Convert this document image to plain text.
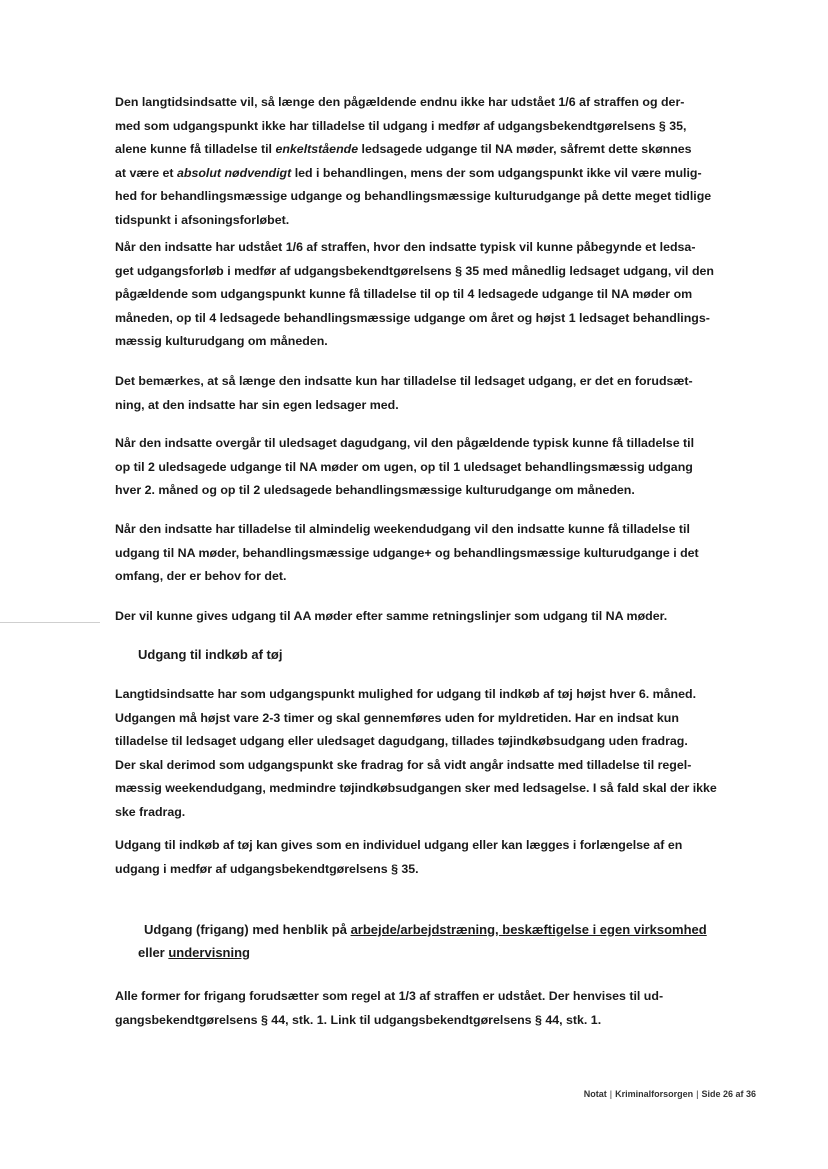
Den langtidsindsatte vil, så længe den pågældende endnu ikke har udstået 1/6 af straffen og der-
med som udgangspunkt ikke har tilladelse til udgang i medfør af udgangsbekendtgørelsens § 35,
alene kunne få tilladelse til enkeltstående ledsagede udgange til NA møder, såfremt dette skønnes
at være et absolut nødvendigt led i behandlingen, mens der som udgangspunkt ikke vil være mulig-
hed for behandlingsmæssige udgange og behandlingsmæssige kulturudgange på dette meget tidlige
tidspunkt i afsoningsforløbet.

Når den indsatte har udstået 1/6 af straffen, hvor den indsatte typisk vil kunne påbegynde et ledsa-
get udgangsforløb i medfør af udgangsbekendtgørelsens § 35 med månedlig ledsaget udgang, vil den
pågældende som udgangspunkt kunne få tilladelse til op til 4 ledsagede udgange til NA møder om
måneden, op til 4 ledsagede behandlingsmæssige udgange om året og højst 1 ledsaget behandlings-
mæssig kulturudgang om måneden.

Det bemærkes, at så længe den indsatte kun har tilladelse til ledsaget udgang, er det en forudsæt-
ning, at den indsatte har sin egen ledsager med.

Når den indsatte overgår til uledsaget dagudgang, vil den pågældende typisk kunne få tilladelse til
op til 2 uledsagede udgange til NA møder om ugen, op til 1 uledsaget behandlingsmæssig udgang
hver 2. måned og op til 2 uledsagede behandlingsmæssige kulturudgange om måneden.

Når den indsatte har tilladelse til almindelig weekendudgang vil den indsatte kunne få tilladelse til
udgang til NA møder, behandlingsmæssige udgange+ og behandlingsmæssige kulturudgange i det
omfang, der er behov for det.

Der vil kunne gives udgang til AA møder efter samme retningslinjer som udgang til NA møder.

Udgang til indkøb af tøj

Langtidsindsatte har som udgangspunkt mulighed for udgang til indkøb af tøj højst hver 6. måned.
Udgangen må højst vare 2-3 timer og skal gennemføres uden for myldretiden. Har en indsat kun
tilladelse til ledsaget udgang eller uledsaget dagudgang, tillades tøjindkøbsudgang uden fradrag.
Der skal derimod som udgangspunkt ske fradrag for så vidt angår indsatte med tilladelse til regel-
mæssig weekendudgang, medmindre tøjindkøbsudgangen sker med ledsagelse. I så fald skal der ikke
ske fradrag.

Udgang til indkøb af tøj kan gives som en individuel udgang eller kan lægges i forlængelse af en
udgang i medfør af udgangsbekendtgørelsens § 35.

Udgang (frigang) med henblik på arbejde/arbejdstræning, beskæftigelse i egen virksomhed
eller undervisning

Alle former for frigang forudsætter som regel at 1/3 af straffen er udstået. Der henvises til ud-
gangsbekendtgørelsens § 44, stk. 1. Link til udgangsbekendtgørelsens § 44, stk. 1.

Notat | Kriminalforsorgen | Side 26 af 36
